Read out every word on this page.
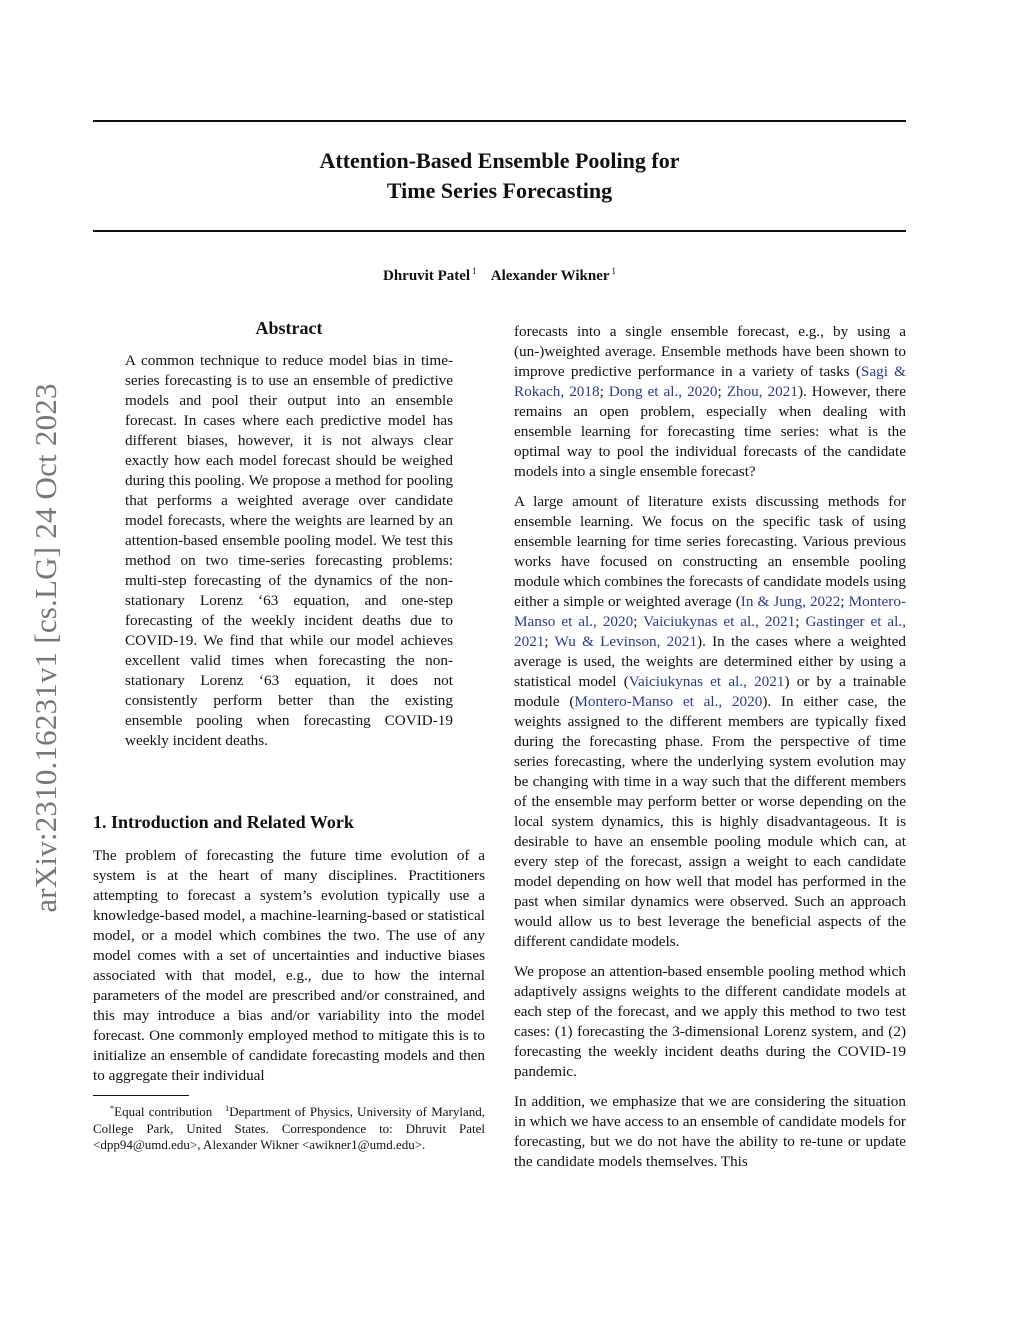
Attention-Based Ensemble Pooling for
Time Series Forecasting
Dhruvit Patel $^1$ Alexander Wikner $^1$
arXiv:2310.16231v1 [cs.LG] 24 Oct 2023
Abstract
A common technique to reduce model bias in time-series forecasting is to use an ensemble of predictive models and pool their output into an ensemble forecast. In cases where each predictive model has different biases, however, it is not always clear exactly how each model forecast should be weighed during this pooling. We propose a method for pooling that performs a weighted average over candidate model forecasts, where the weights are learned by an attention-based ensemble pooling model. We test this method on two time-series forecasting problems: multi-step forecasting of the dynamics of the non-stationary Lorenz ‘63 equation, and one-step forecasting of the weekly incident deaths due to COVID-19. We find that while our model achieves excellent valid times when forecasting the non-stationary Lorenz ‘63 equation, it does not consistently perform better than the existing ensemble pooling when forecasting COVID-19 weekly incident deaths.
1. Introduction and Related Work
The problem of forecasting the future time evolution of a system is at the heart of many disciplines. Practitioners attempting to forecast a system’s evolution typically use a knowledge-based model, a machine-learning-based or statistical model, or a model which combines the two. The use of any model comes with a set of uncertainties and inductive biases associated with that model, e.g., due to how the internal parameters of the model are prescribed and/or constrained, and this may introduce a bias and/or variability into the model forecast. One commonly employed method to mitigate this is to initialize an ensemble of candidate forecasting models and then to aggregate their individual
*Equal contribution $^1$Department of Physics, University of Maryland, College Park, United States. Correspondence to: Dhruvit Patel <dpp94@umd.edu>, Alexander Wikner <awikner1@umd.edu>.

forecasts into a single ensemble forecast, e.g., by using a (un-)weighted average. Ensemble methods have been shown to improve predictive performance in a variety of tasks (Sagi & Rokach, 2018; Dong et al., 2020; Zhou, 2021). However, there remains an open problem, especially when dealing with ensemble learning for forecasting time series: what is the optimal way to pool the individual forecasts of the candidate models into a single ensemble forecast?

A large amount of literature exists discussing methods for ensemble learning. We focus on the specific task of using ensemble learning for time series forecasting. Various previous works have focused on constructing an ensemble pooling module which combines the forecasts of candidate models using either a simple or weighted average (In & Jung, 2022; Montero-Manso et al., 2020; Vaiciukynas et al., 2021; Gastinger et al., 2021; Wu & Levinson, 2021). In the cases where a weighted average is used, the weights are determined either by using a statistical model (Vaiciukynas et al., 2021) or by a trainable module (Montero-Manso et al., 2020). In either case, the weights assigned to the different members are typically fixed during the forecasting phase. From the perspective of time series forecasting, where the underlying system evolution may be changing with time in a way such that the different members of the ensemble may perform better or worse depending on the local system dynamics, this is highly disadvantageous. It is desirable to have an ensemble pooling module which can, at every step of the forecast, assign a weight to each candidate model depending on how well that model has performed in the past when similar dynamics were observed. Such an approach would allow us to best leverage the beneficial aspects of the different candidate models.

We propose an attention-based ensemble pooling method which adaptively assigns weights to the different candidate models at each step of the forecast, and we apply this method to two test cases: (1) forecasting the 3-dimensional Lorenz system, and (2) forecasting the weekly incident deaths during the COVID-19 pandemic.

In addition, we emphasize that we are considering the situation in which we have access to an ensemble of candidate models for forecasting, but we do not have the ability to re-tune or update the candidate models themselves. This
